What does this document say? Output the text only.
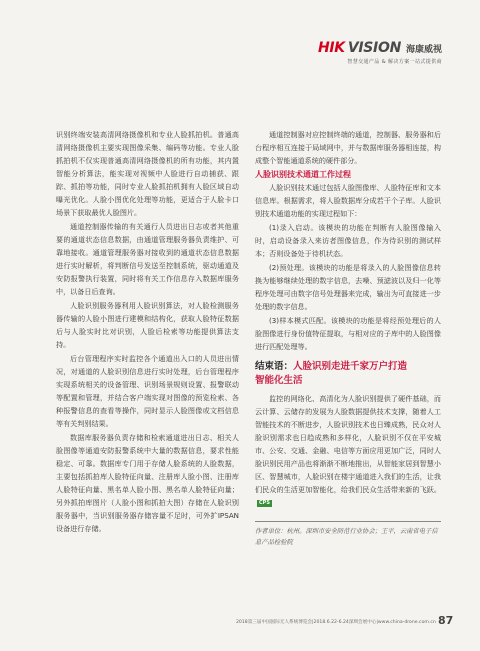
HIK VISION 海康威视
智慧交通产品 & 解决方案一站式提供商

识别终端安装高清网络摄像机和专业人脸抓拍机。普通高清网络摄像机主要实现图像采集、编码等功能。专业人脸抓拍机不仅实现普通高清网络摄像机的所有功能，其内置智能分析算法，能实现对视频中人脸进行自动捕获、跟踪、抓拍等功能，同时专业人脸抓拍机拥有人脸区域自动曝光优化。人脸小图优化处理等功能，更适合于人脸卡口场景下获取最优人脸图片。

通道控制器传输的有关通行人员进出日志或者其他重要的通道状态信息数据，由通道管理服务器负责维护、可靠地接收。通道管理服务器对接收到的通道状态信息数据进行实时解析，将判断信号发送至控制系统，驱动通道及安防报警执行装置，同时将有关工作信息存入数据库服务中，以备日后查询。

人脸识别服务器利用人脸识别算法，对人脸检测服务器传输的人脸小图进行建模和结构化，获取人脸特征数据后与人脸实时比对识别，人脸后检索等功能提供算法支持。

后台管理程序实时监控各个通道出入口的人员进出情况，对通道的人脸识别信息进行实时处理，后台管理程序实现系统相关的设备管理、识别场景规则设置、报警联动等配置和管理，并结合客户端实现对图像的预览检索、各种报警信息的查看等操作，同时显示人脸图像或文档信息等有关判别结果。

数据库服务器负责存储和检索通道进出日志、相关人脸图像等通道安防报警系统中大量的数据信息，要求性能稳定、可靠。数据库专门用于存储人脸系统的人脸数据，主要包括抓拍库人脸特征向量、注册库人脸小图、注册库人脸特征向量、黑名单人脸小图、黑名单人脸特征向量；另外抓拍库图片（人脸小图和抓拍大图）存储在人脸识别服务器中，当识别服务器存储容量不足时，可外扩IPSAN设备进行存储。

通道控制器对应控制终端的通道，控制器、服务器和后台程序相互连接于局域网中，并与数据库服务器相连接，构成整个智能通道系统的硬件部分。

人脸识别技术通道工作过程

人脸识别技术通过包括人脸图像库、人脸特征库和文本信息库。根据需求，将人脸数据库分成若干个子库。人脸识别技术通道功能的实现过程如下：

(1)录入启动。该模块的功能在判断有人脸图像输入时，启动设备录入来访者图像信息，作为待识别的测试样本；否则设备处于待机状态。

(2)预处理。该模块的功能是将录入的人脸图像信息转换为能够继续处理的数字信息，去噪、预滤波以及归一化等程序处理可由数字信号处理器来完成，输出为可直接进一步处理的数字信息。

(3)样本模式匹配。该模块的功能是将经预处理后的人脸图像进行身份值特征提取，与相对应的子库中的人脸图像进行匹配处理等。

结束语：人脸识别走进千家万户打造
智能化生活

监控的网络化、高清化为人脸识别提供了硬件基础，而云计算、云储存的发展为人脸数据提供技术支撑，随着人工智能技术的不断进步，人脸识别技术也日臻成熟，民众对人脸识别需求也日趋成熟和多样化，人脸识别不仅在平安城市、公安、交通、金融、电信等方面应用更加广泛，同时人脸识别民用产品也将渐渐不断地推出，从智能家居到智慧小区、智慧城市，人脸识别在楼宇通道进入我们的生活，让我们民众的生活更加智能化，给我们民众生活带来新的飞跃。CPS

作者单位：杭州。深圳市安全防范行业协会；王平，云南省电子信息产品检验院
2018第三届中国国际无人系统博览会|2018.6.22-6.24深圳会展中心|www.china-drone.com.cn 87
